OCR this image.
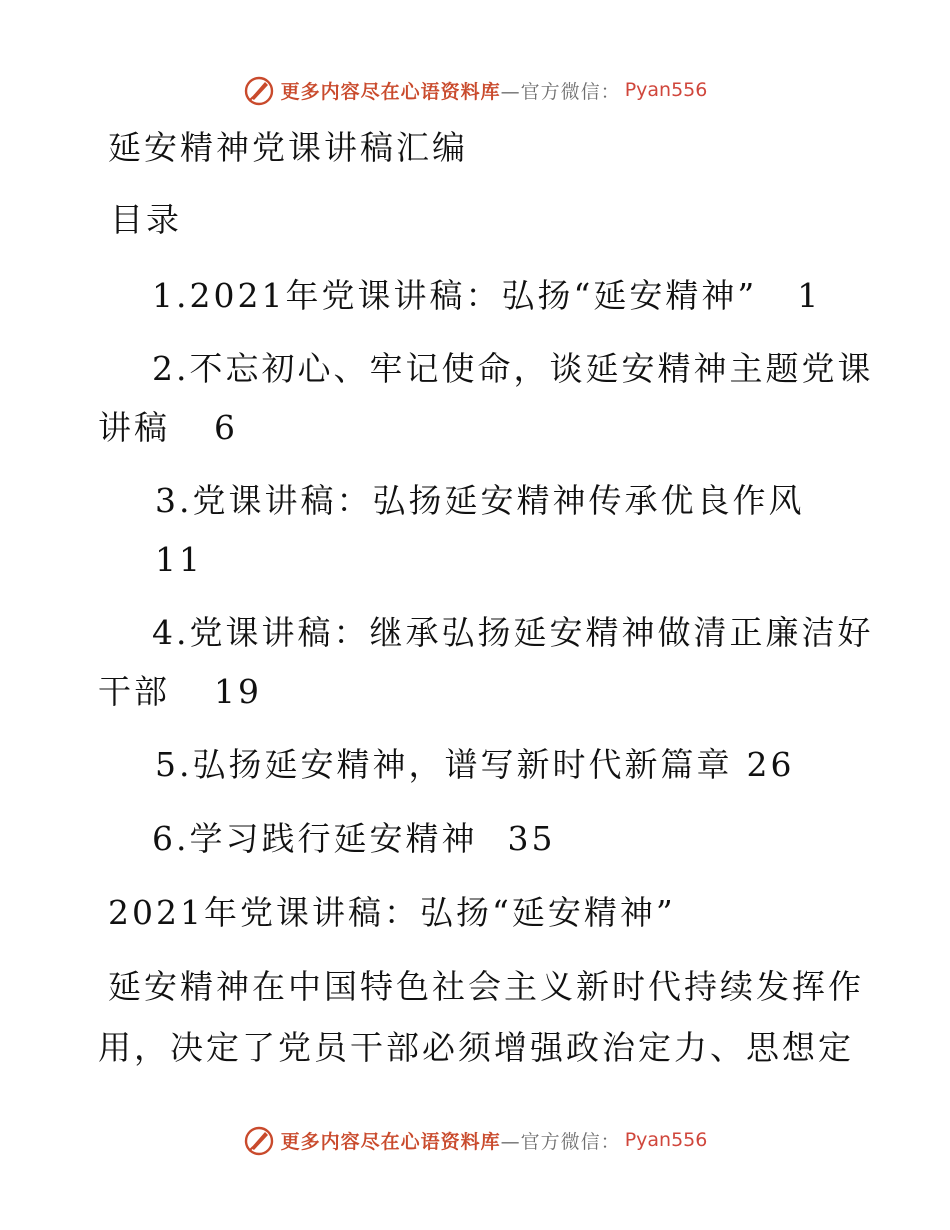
更多内容尽在心语资料库 —官方微信： Pyan556
延安精神党课讲稿汇编
目录
1.2021年党课讲稿：弘扬“延安精神” 1
2.不忘初心、牢记使命，谈延安精神主题党课
讲稿 6
3.党课讲稿：弘扬延安精神传承优良作风
11
4.党课讲稿：继承弘扬延安精神做清正廉洁好
干部 19
5.弘扬延安精神，谱写新时代新篇章 26
6.学习践行延安精神 35
2021年党课讲稿：弘扬“延安精神”
延安精神在中国特色社会主义新时代持续发挥作
用，决定了党员干部必须增强政治定力、思想定
更多内容尽在心语资料库 —官方微信： Pyan556
